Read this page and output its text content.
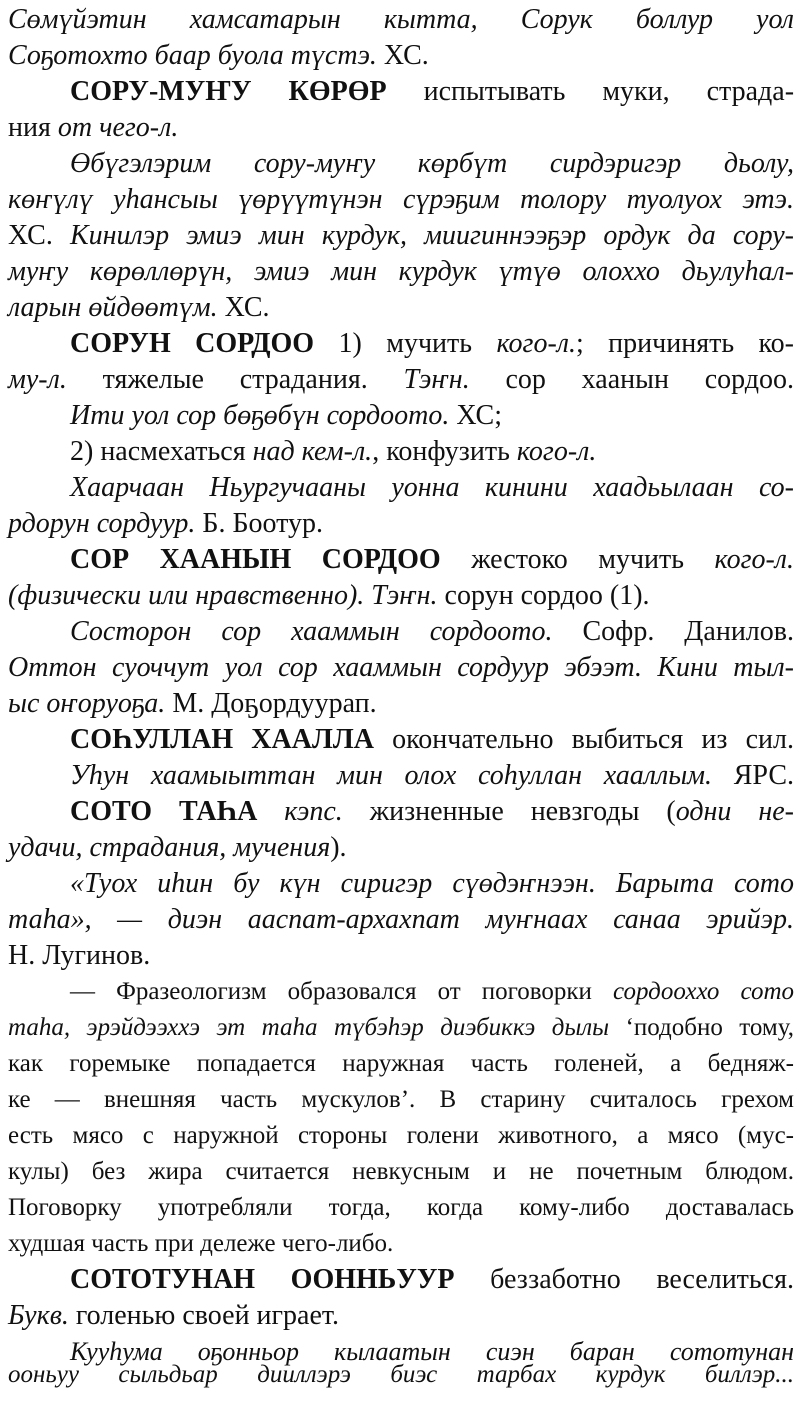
Сөмүйэтин хамсатарын кытта, Сорук боллур уол
Соҕотохто баар буола түстэ. ХС.
СОРУ-МУҤУ КӨРӨР испытывать муки, страда-
ния от чего-л.
Өбүгэлэрим сору-муҥу көрбүт сирдэригэр дьолу,
көҥүлү уһансыы үөрүүтүнэн сүрэҕим толору туолуох этэ.
ХС. Кинилэр эмиэ мин курдук, миигиннээҕэр ордук да сору-
муҥу көрөллөрүн, эмиэ мин курдук үтүө олоххо дьулуһал-
ларын өйдөөтүм. ХС.
СОРУН СОРДОО 1) мучить кого-л.; причинять ко-
му-л. тяжелые страдания. Тэҥн. сор хаанын сордоо.
Ити уол сор бөҕөбүн сордоото. ХС;
2) насмехаться над кем-л., конфузить кого-л.
Хаарчаан Ньургучааны уонна кинини хаадьылаан со-
рдорун сордуур. Б. Боотур.
СОР ХААНЫН СОРДОО жестоко мучить кого-л.
(физически или нравственно). Тэҥн. сорун сордоо (1).
Состорон сор хааммын сордоото. Софр. Данилов.
Оттон суоччут уол сор хааммын сордуур эбээт. Кини тыл-
ыс оҥоруоҕа. М. Доҕордуурап.
СОҺУЛЛАН ХААЛЛА окончательно выбиться из сил.
Уһун хаамыыттан мин олох соһуллан хааллым. ЯРС.
СОТО ТАҺА кэпс. жизненные невзгоды (одни не-
удачи, страдания, мучения).
«Туох иһин бу күн сиригэр сүөдэҥнээн. Барыта сото
таһа», — диэн ааспат-архахпат муҥнаах санаа эрийэр.
Н. Лугинов.
— Фразеологизм образовался от поговорки сордооххо сото
таһа, эрэйдээххэ эт таһа түбэһэр диэбиккэ дылы ‘подобно тому,
как горемыке попадается наружная часть голеней, а бедняж-
ке — внешняя часть мускулов’. В старину считалось грехом
есть мясо с наружной стороны голени животного, а мясо (мус-
кулы) без жира считается невкусным и не почетным блюдом.
Поговорку употребляли тогда, когда кому-либо доставалась
худшая часть при дележе чего-либо.
СОТОТУНАН ООННЬУУР беззаботно веселиться.
Букв. голенью своей играет.
Кууһума оҕонньор кылаатын сиэн баран сототунан
ооньуу сыльдьар дииллэрэ биэс тарбах курдук биллэр...
